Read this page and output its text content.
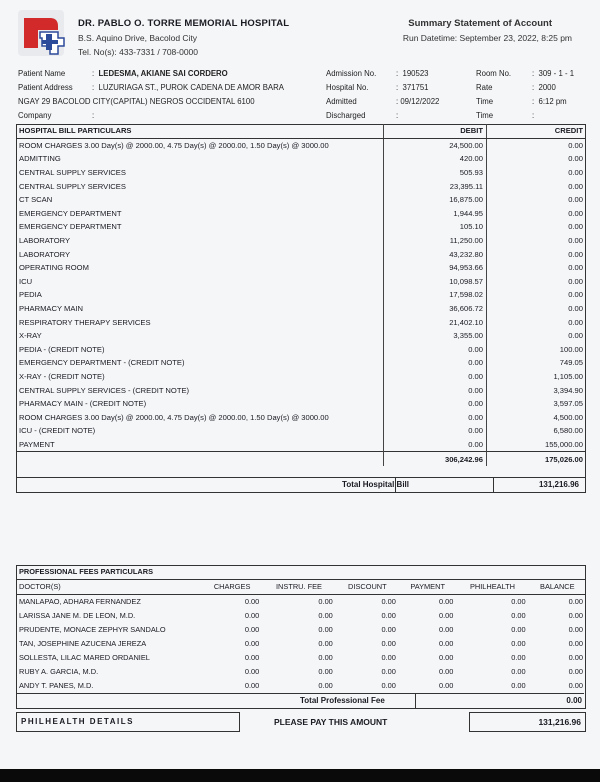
DR. PABLO O. TORRE MEMORIAL HOSPITAL
B.S. Aquino Drive, Bacolod City
Tel. No(s): 433-7331 / 708-0000
Summary Statement of Account
Run Datetime: September 23, 2022, 8:25 pm
Patient Name	:  LEDESMA, AKIANE SAI CORDERO
Patient Address :  LUZURIAGA ST., PUROK CADENA DE AMOR BARA
NGAY 29 BACOLOD CITY(CAPITAL) NEGROS OCCIDENTAL 6100
Company	:
Admission No.	:  190523
Hospital No.	:  371751
Admitted	: 09/12/2022
Discharged	:
Room No.	:  309 - 1 - 1
Rate	:  2000
Time	:  6:12 pm
Time	:
HOSPITAL BILL PARTICULARS	DEBIT	CREDIT
ROOM CHARGES 3.00 Day(s) @ 2000.00, 4.75 Day(s) @ 2000.00, 1.50 Day(s) @ 3000.00	24,500.00	0.00
ADMITTING	420.00	0.00
CENTRAL SUPPLY SERVICES	505.93	0.00
CENTRAL SUPPLY SERVICES	23,395.11	0.00
CT SCAN	16,875.00	0.00
EMERGENCY DEPARTMENT	1,944.95	0.00
EMERGENCY DEPARTMENT	105.10	0.00
LABORATORY	11,250.00	0.00
LABORATORY	43,232.80	0.00
OPERATING ROOM	94,953.66	0.00
ICU	10,098.57	0.00
PEDIA	17,598.02	0.00
PHARMACY MAIN	36,606.72	0.00
RESPIRATORY THERAPY SERVICES	21,402.10	0.00
X-RAY	3,355.00	0.00
PEDIA - (CREDIT NOTE)	0.00	100.00
EMERGENCY DEPARTMENT - (CREDIT NOTE)	0.00	749.05
X-RAY - (CREDIT NOTE)	0.00	1,105.00
CENTRAL SUPPLY SERVICES - (CREDIT NOTE)	0.00	3,394.90
PHARMACY MAIN - (CREDIT NOTE)	0.00	3,597.05
ROOM CHARGES 3.00 Day(s) @ 2000.00, 4.75 Day(s) @ 2000.00, 1.50 Day(s) @ 3000.00	0.00	4,500.00
ICU - (CREDIT NOTE)	0.00	6,580.00
PAYMENT	0.00	155,000.00
	306,242.96	175,026.00
Total Hospital Bill	131,216.96
PROFESSIONAL FEES PARTICULARS						
DOCTOR(S)	CHARGES	INSTRU. FEE	DISCOUNT	PAYMENT	PHILHEALTH	BALANCE
MANLAPAO, ADHARA FERNANDEZ	0.00	0.00	0.00	0.00	0.00	0.00
LARISSA JANE M. DE LEON, M.D.	0.00	0.00	0.00	0.00	0.00	0.00
PRUDENTE, MONACE ZEPHYR SANDALO	0.00	0.00	0.00	0.00	0.00	0.00
TAN, JOSEPHINE AZUCENA JEREZA	0.00	0.00	0.00	0.00	0.00	0.00
SOLLESTA, LILAC MARED ORDANIEL	0.00	0.00	0.00	0.00	0.00	0.00
RUBY A. GARCIA, M.D.	0.00	0.00	0.00	0.00	0.00	0.00
ANDY T. PANES, M.D.	0.00	0.00	0.00	0.00	0.00	0.00
Total Professional Fee	0.00
PHILHEALTH DETAILS	PLEASE PAY THIS AMOUNT	131,216.96
